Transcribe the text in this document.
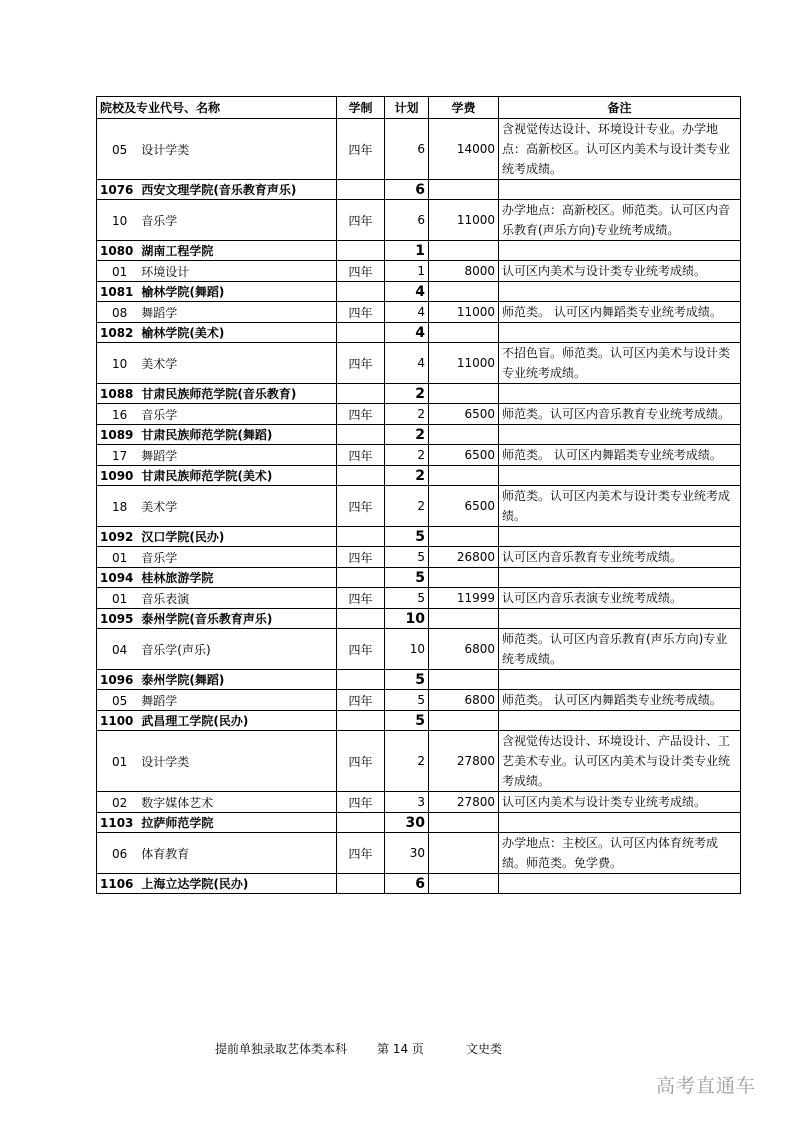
院校及专业代号、名称	学制	计划	学费	备注
05 设计学类	四年	6	14000	含视觉传达设计、环境设计专业。办学地点：高新校区。认可区内美术与设计类专业统考成绩。
1076 西安文理学院(音乐教育声乐)		6		
10 音乐学	四年	6	11000	办学地点：高新校区。师范类。认可区内音乐教育(声乐方向)专业统考成绩。
1080 湖南工程学院		1		
01 环境设计	四年	1	8000	认可区内美术与设计类专业统考成绩。
1081 榆林学院(舞蹈)		4		
08 舞蹈学	四年	4	11000	师范类。 认可区内舞蹈类专业统考成绩。
1082 榆林学院(美术)		4		
10 美术学	四年	4	11000	不招色盲。师范类。认可区内美术与设计类专业统考成绩。
1088 甘肃民族师范学院(音乐教育)		2		
16 音乐学	四年	2	6500	师范类。认可区内音乐教育专业统考成绩。
1089 甘肃民族师范学院(舞蹈)		2		
17 舞蹈学	四年	2	6500	师范类。 认可区内舞蹈类专业统考成绩。
1090 甘肃民族师范学院(美术)		2		
18 美术学	四年	2	6500	师范类。认可区内美术与设计类专业统考成绩。
1092 汉口学院(民办)		5		
01 音乐学	四年	5	26800	认可区内音乐教育专业统考成绩。
1094 桂林旅游学院		5		
01 音乐表演	四年	5	11999	认可区内音乐表演专业统考成绩。
1095 泰州学院(音乐教育声乐)		10		
04 音乐学(声乐)	四年	10	6800	师范类。认可区内音乐教育(声乐方向)专业统考成绩。
1096 泰州学院(舞蹈)		5		
05 舞蹈学	四年	5	6800	师范类。 认可区内舞蹈类专业统考成绩。
1100 武昌理工学院(民办)		5		
01 设计学类	四年	2	27800	含视觉传达设计、环境设计、产品设计、工艺美术专业。认可区内美术与设计类专业统考成绩。
02 数字媒体艺术	四年	3	27800	认可区内美术与设计类专业统考成绩。
1103 拉萨师范学院		30		
06 体育教育	四年	30		办学地点：主校区。认可区内体育统考成绩。师范类。免学费。
1106 上海立达学院(民办)		6		
提前单独录取艺体类本科 第 14 页	文史类
高考直通车
